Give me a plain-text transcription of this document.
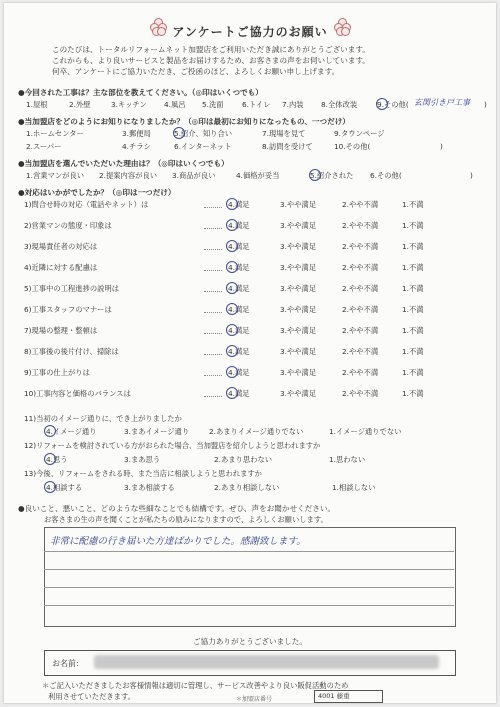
アンケートご協力のお願い
このたびは、トータルリフォームネット加盟店をご利用いただき誠にありがとうございます。
これからも、より良いサービスと製品をお届けするため、お客さまの声をお伺いしています。
何卒、アンケートにご協力いただき、ご投函のほど、よろしくお願い申し上げます。
●今回された工事は？主な部位を教えてください。（◎印はいくつでも）
1.屋根	2.外壁	3.キッチン 4.風呂 5.洗面	6.トイレ 7.内装 8.全体改装	9.その他( 玄関引き戸工事 )
●当加盟店をどのようにお知りになりましたか？（◎印は最初にお知りになったもの、一つだけ）
1.ホームセンター	3.郵便局	5.紹介、知り合い	7.現場を見て	9.タウンページ
2.スーパー	4.チラシ	6.インターネット	8.訪問を受けて	10.その他(	)
●当加盟店を選んでいただいた理由は？（◎印はいくつでも）
1.営業マンが良い 2.提案内容が良い 3.商品が良い	4.価格が妥当	5.紹介された 6.その他(	)
●対応はいかがでしたか？（◎印は一つだけ）
11)当初のイメージ通りに、でき上がりましたか
4.イメージ通り	3.まあイメージ通り	2.あまりイメージ通りでない	1.イメージ通りでない
12)リフォームを検討されている方がおられた場合、当加盟店を紹介しようと思われますか
4.思う	3.まあ思う	2.あまり思わない	1.思わない
13)今後、リフォームをされる時、また当店に相談しようと思われますか
4.相談する	3.まあ相談する	2.あまり相談しない	1.相談しない
●良いこと、悪いこと、どのような些細なことでも結構です。ぜひ、声をお聞かせください。
お客さまの生の声を聞くことが私たちの励みになりますので、よろしくお願いします。
非常に配慮の行き届いた方達ばかりでした。感謝致します。
ご協力ありがとうございました。
お名前:
＊ご記入いただきましたお客様情報は適切に管理し、サービス改善やより良い販促活動のため
利用させていただきます。	＊加盟店番号	4001 藤重
1)問合せ時の対応（電話やネット）は	4.満足	3.やや満足	2.やや不満	1.不満
2)営業マンの態度・印象は	4.満足	3.やや満足	2.やや不満	1.不満
3)現場責任者の対応は	4.満足	3.やや満足	2.やや不満	1.不満
4)近隣に対する配慮は	4.満足	3.やや満足	2.やや不満	1.不満
5)工事中の工程進捗の説明は	4.満足	3.やや満足	2.やや不満	1.不満
6)工事スタッフのマナーは	4.満足	3.やや満足	2.やや不満	1.不満
7)現場の整理・整頓は	4.満足	3.やや満足	2.やや不満	1.不満
8)工事後の後片付け、掃除は	4.満足	3.やや満足	2.やや不満	1.不満
9)工事の仕上がりは	4.満足	3.やや満足	2.やや不満	1.不満
10)工事内容と価格のバランスは	4.満足	3.やや満足	2.やや不満	1.不満
